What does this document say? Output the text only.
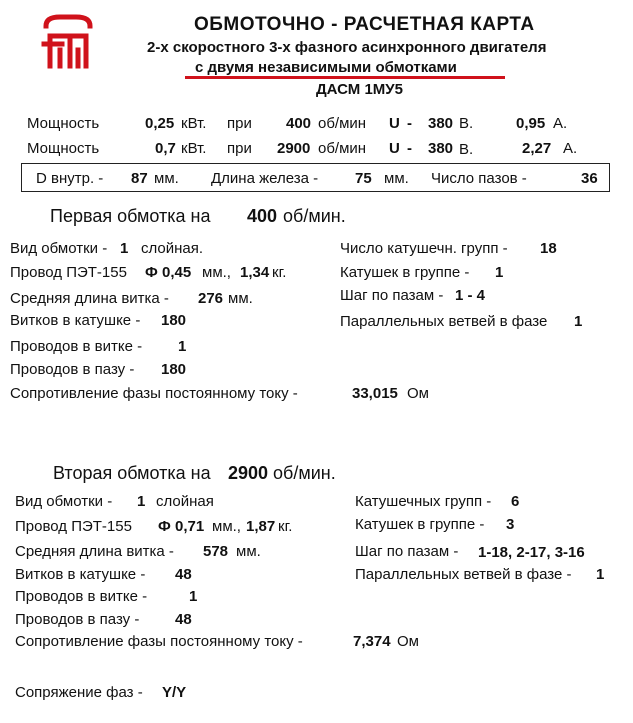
ОБМОТОЧНО - РАСЧЕТНАЯ КАРТА
2-х скоростного 3-х фазного асинхронного двигателя
с двумя независимыми обмотками
ДАСМ 1МУ5
Мощность	0,25 кВт. при 400 об/мин U - 380 В.	0,95 А.
Мощность	0,7 кВт. при 2900 об/мин U - 380 В.	2,27 А.
D внутр. - 87 мм. Длина железа - 75 мм. Число пазов -	36
Первая обмотка на 400 об/мин.
Вид обмотки - 1 слойная.
Провод ПЭТ-155 Ф 0,45 мм., 1,34 кг.
Средняя длина витка - 276 мм.
Витков в катушке - 180
Проводов в витке - 1
Проводов в пазу - 180
Сопротивление фазы постоянному току -	33,015 Ом
Число катушечн. групп - 18
Катушек в группе - 1
Шаг по пазам - 1 - 4
Параллельных ветвей в фазе 1
Вторая обмотка на 2900 об/мин.
Вид обмотки - 1 слойная
Провод ПЭТ-155 Ф 0,71 мм., 1,87 кг.
Средняя длина витка - 578 мм.
Витков в катушке - 48
Проводов в витке -	1
Проводов в пазу - 48
Сопротивление фазы постоянному току -	7,374 Ом
Катушечных групп - 6
Катушек в группе - 3
Шаг по пазам - 1-18, 2-17, 3-16
Параллельных ветвей в фазе - 1
Сопряжение фаз - Y/Y
